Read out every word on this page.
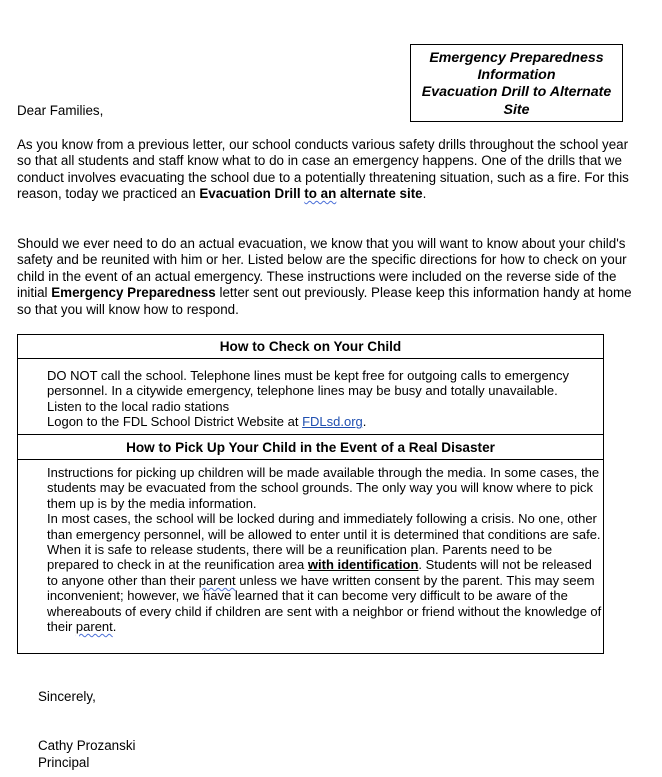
Emergency Preparedness
Information
Evacuation Drill to Alternate
Site
Dear Families,

As you know from a previous letter, our school conducts various safety drills throughout the school year so that all students and staff know what to do in case an emergency happens. One of the drills that we conduct involves evacuating the school due to a potentially threatening situation, such as a fire. For this reason, today we practiced an Evacuation Drill to an alternate site.

Should we ever need to do an actual evacuation, we know that you will want to know about your child's safety and be reunited with him or her. Listed below are the specific directions for how to check on your child in the event of an actual emergency. These instructions were included on the reverse side of the initial Emergency Preparedness letter sent out previously. Please keep this information handy at home so that you will know how to respond.

How to Check on Your Child

DO NOT call the school. Telephone lines must be kept free for outgoing calls to emergency personnel. In a citywide emergency, telephone lines may be busy and totally unavailable.

Listen to the local radio stations

Logon to the FDL School District Website at FDLsd.org.

How to Pick Up Your Child in the Event of a Real Disaster

Instructions for picking up children will be made available through the media. In some cases, the students may be evacuated from the school grounds. The only way you will know where to pick them up is by the media information.

In most cases, the school will be locked during and immediately following a crisis. No one, other than emergency personnel, will be allowed to enter until it is determined that conditions are safe.

When it is safe to release students, there will be a reunification plan. Parents need to be prepared to check in at the reunification area with identification. Students will not be released to anyone other than their parent unless we have written consent by the parent. This may seem inconvenient; however, we have learned that it can become very difficult to be aware of the whereabouts of every child if children are sent with a neighbor or friend without the knowledge of their parent.

Sincerely,
Cathy Prozanski
Principal
